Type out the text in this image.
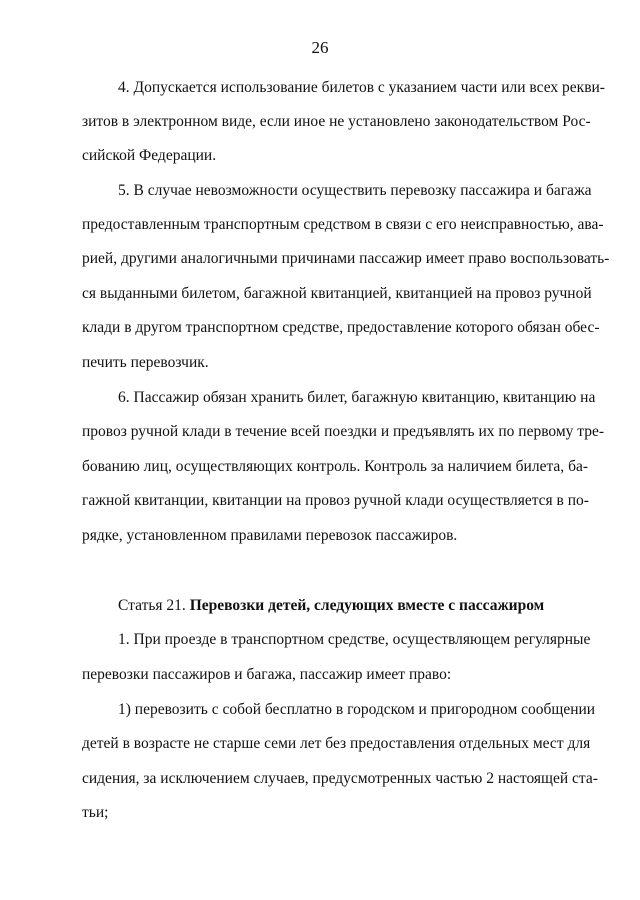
26
4. Допускается использование билетов с указанием части или всех рекви-
зитов в электронном виде, если иное не установлено законодательством Рос-
сийской Федерации.
5. В случае невозможности осуществить перевозку пассажира и багажа
предоставленным транспортным средством в связи с его неисправностью, ава-
рией, другими аналогичными причинами пассажир имеет право воспользовать-
ся выданными билетом, багажной квитанцией, квитанцией на провоз ручной
клади в другом транспортном средстве, предоставление которого обязан обес-
печить перевозчик.
6. Пассажир обязан хранить билет, багажную квитанцию, квитанцию на
провоз ручной клади в течение всей поездки и предъявлять их по первому тре-
бованию лиц, осуществляющих контроль. Контроль за наличием билета, ба-
гажной квитанции, квитанции на провоз ручной клади осуществляется в по-
рядке, установленном правилами перевозок пассажиров.
Статья 21. Перевозки детей, следующих вместе с пассажиром
1. При проезде в транспортном средстве, осуществляющем регулярные
перевозки пассажиров и багажа, пассажир имеет право:
1) перевозить с собой бесплатно в городском и пригородном сообщении
детей в возрасте не старше семи лет без предоставления отдельных мест для
сидения, за исключением случаев, предусмотренных частью 2 настоящей ста-
тьи;
